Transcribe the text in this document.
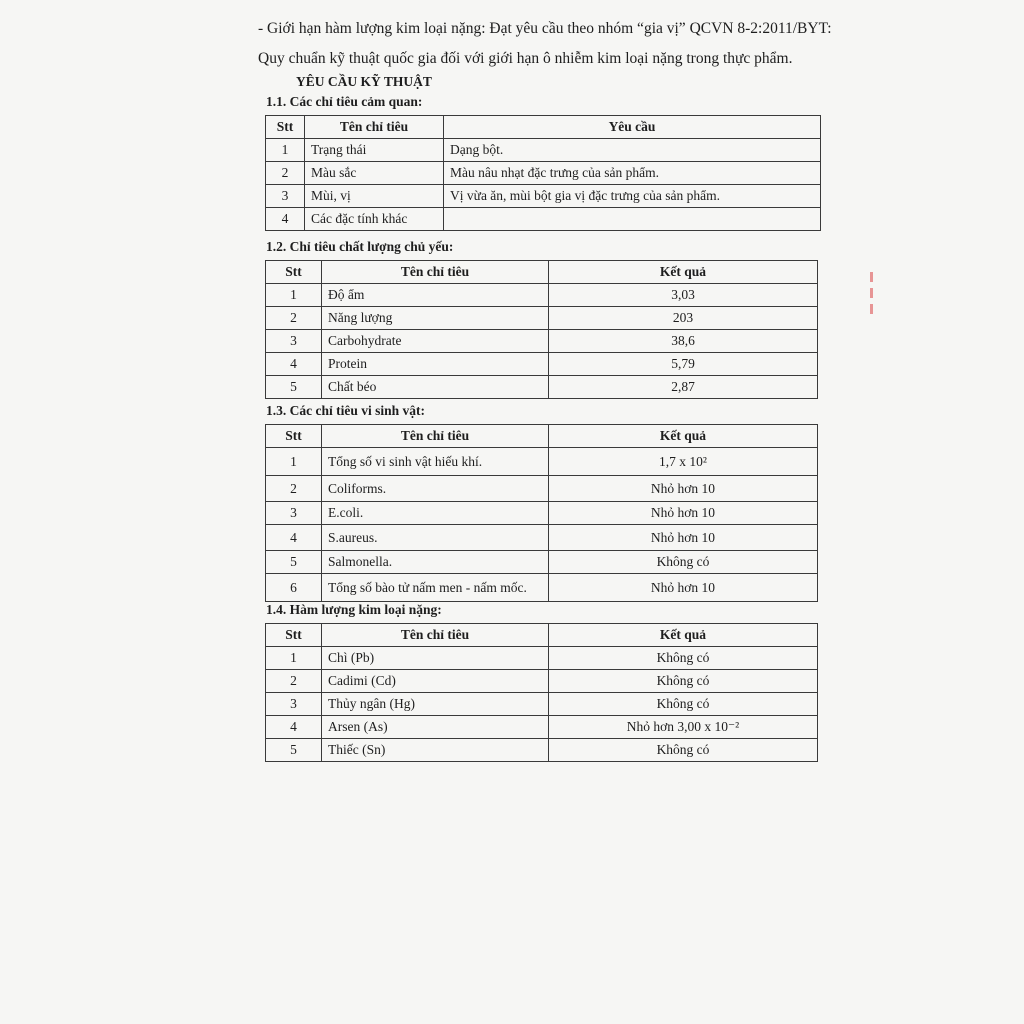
- Giới hạn hàm lượng kim loại nặng: Đạt yêu cầu theo nhóm “gia vị” QCVN 8-2:2011/BYT:

Quy chuẩn kỹ thuật quốc gia đối với giới hạn ô nhiễm kim loại nặng trong thực phẩm.

YÊU CẦU KỸ THUẬT
1.1. Các chỉ tiêu cảm quan:
Stt	Tên chỉ tiêu	Yêu cầu
1	Trạng thái	Dạng bột.
2	Màu sắc	Màu nâu nhạt đặc trưng của sản phẩm.
3	Mùi, vị	Vị vừa ăn, mùi bột gia vị đặc trưng của sản phẩm.
4	Các đặc tính khác	
1.2. Chỉ tiêu chất lượng chủ yếu:
Stt	Tên chỉ tiêu	Kết quả
1	Độ ẩm	3,03
2	Năng lượng	203
3	Carbohydrate	38,6
4	Protein	5,79
5	Chất béo	2,87
1.3. Các chỉ tiêu vi sinh vật:
Stt	Tên chỉ tiêu	Kết quả
1	Tổng số vi sinh vật hiếu khí.	1,7 x 10²
2	Coliforms.	Nhỏ hơn 10
3	E.coli.	Nhỏ hơn 10
4	S.aureus.	Nhỏ hơn 10
5	Salmonella.	Không có
6	Tổng số bào tử nấm men - nấm mốc.	Nhỏ hơn 10
1.4. Hàm lượng kim loại nặng:
Stt	Tên chỉ tiêu	Kết quả
1	Chì (Pb)	Không có
2	Cadimi (Cd)	Không có
3	Thủy ngân (Hg)	Không có
4	Arsen (As)	Nhỏ hơn 3,00 x 10⁻²
5	Thiếc (Sn)	Không có
